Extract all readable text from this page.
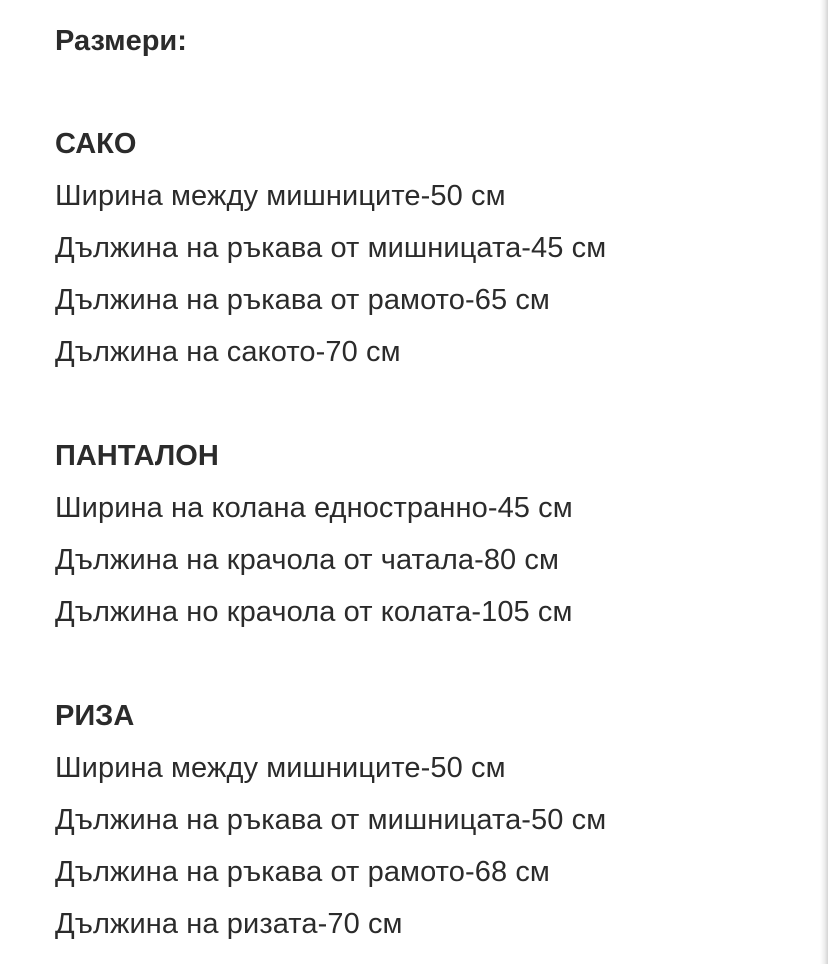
Размери:
САКО
Ширина между мишниците-50 см
Дължина на ръкава от мишницата-45 см
Дължина на ръкава от рамото-65 см
Дължина на сакото-70 см
ПАНТАЛОН
Ширина на колана едностранно-45 см
Дължина на крачола от чатала-80 см
Дължина но крачола от колата-105 см
РИЗА
Ширина между мишниците-50 см
Дължина на ръкава от мишницата-50 см
Дължина на ръкава от рамото-68 см
Дължина на ризата-70 см
